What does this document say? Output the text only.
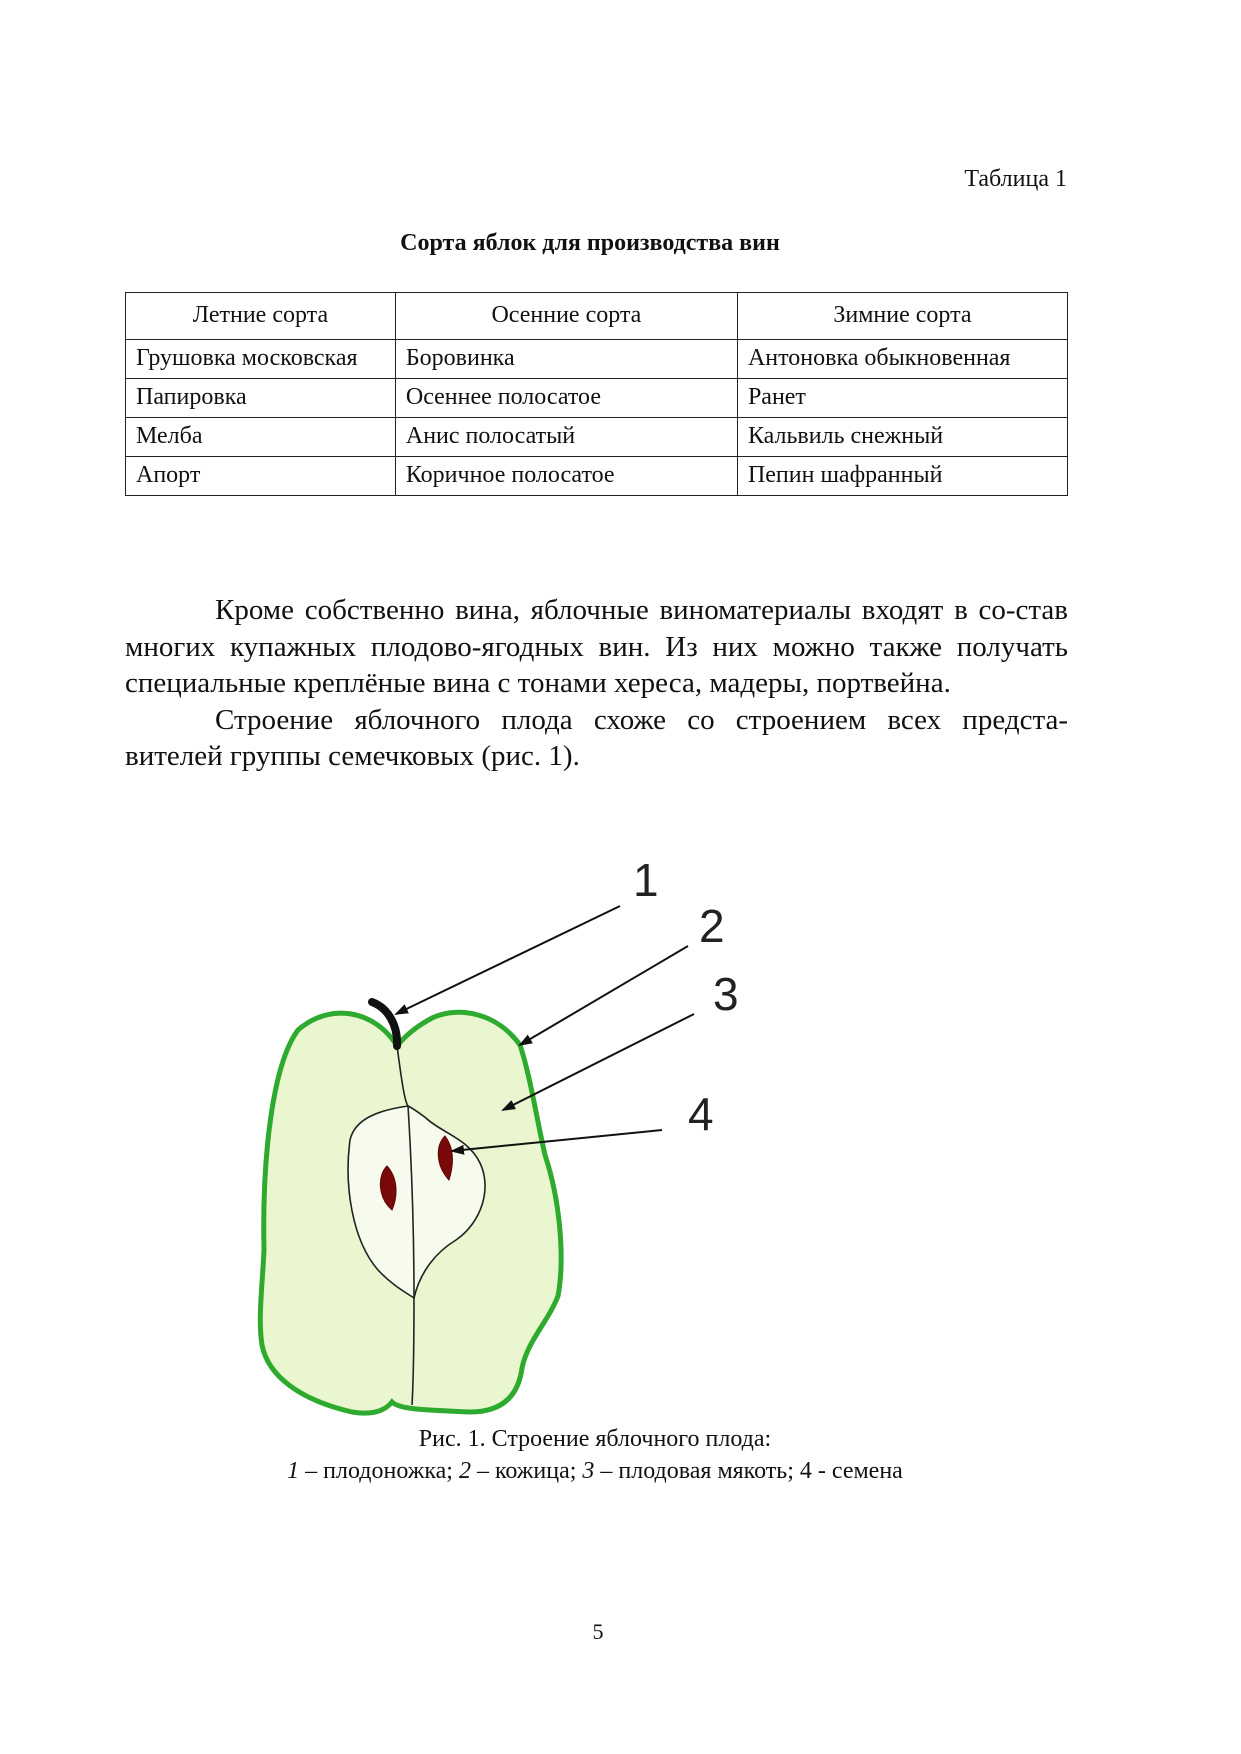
Таблица 1
Сорта яблок для производства вин
Летние сорта	Осенние сорта	Зимние сорта
Грушовка московская	Боровинка	Антоновка обыкновенная
Папировка	Осеннее полосатое	Ранет
Мелба	Анис полосатый	Кальвиль снежный
Апорт	Коричное полосатое	Пепин шафранный

Кроме собственно вина, яблочные виноматериалы входят в со-став многих купажных плодово-ягодных вин. Из них можно также получать специальные креплёные вина с тонами хереса, мадеры, портвейна.

Строение яблочного плода схоже со строением всех предста-вителей группы семечковых (рис. 1).

1
2
3
4
Рис. 1. Строение яблочного плода:
1 – плодоножка; 2 – кожица; 3 – плодовая мякоть; 4 - семена
5
